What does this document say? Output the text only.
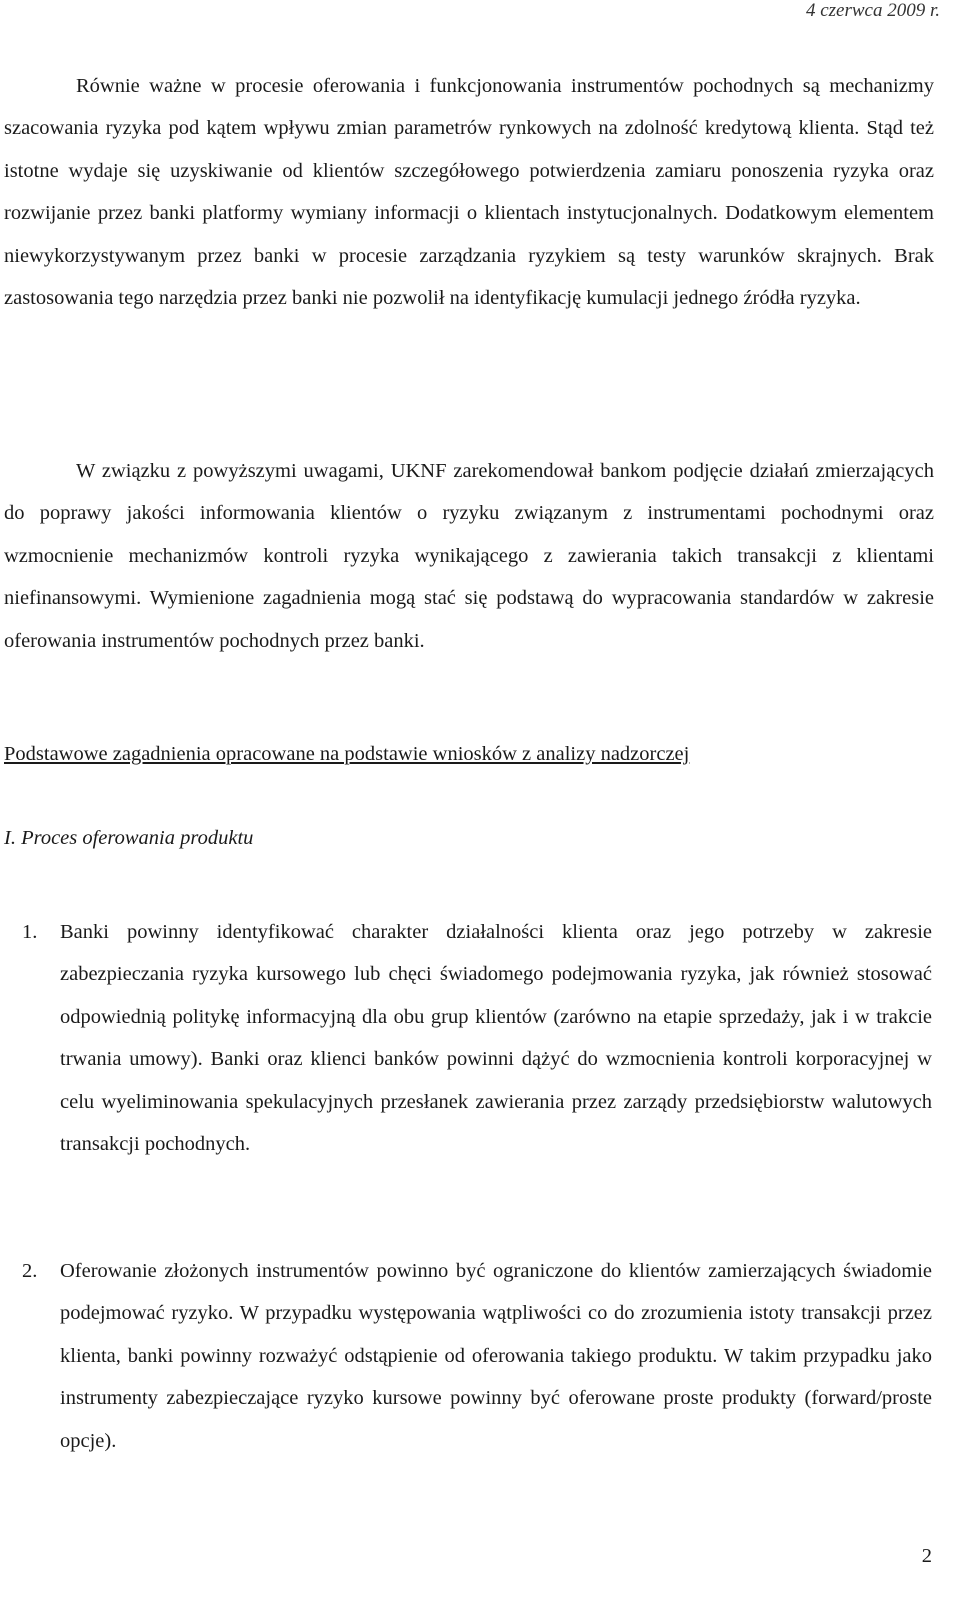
4 czerwca 2009 r.

Równie ważne w procesie oferowania i funkcjonowania instrumentów pochodnych są mechanizmy szacowania ryzyka pod kątem wpływu zmian parametrów rynkowych na zdolność kredytową klienta. Stąd też istotne wydaje się uzyskiwanie od klientów szczegółowego potwierdzenia zamiaru ponoszenia ryzyka oraz rozwijanie przez banki platformy wymiany informacji o klientach instytucjonalnych. Dodatkowym elementem niewykorzystywanym przez banki w procesie zarządzania ryzykiem są testy warunków skrajnych. Brak zastosowania tego narzędzia przez banki nie pozwolił na identyfikację kumulacji jednego źródła ryzyka.

W związku z powyższymi uwagami, UKNF zarekomendował bankom podjęcie działań zmierzających do poprawy jakości informowania klientów o ryzyku związanym z instrumentami pochodnymi oraz wzmocnienie mechanizmów kontroli ryzyka wynikającego z zawierania takich transakcji z klientami niefinansowymi. Wymienione zagadnienia mogą stać się podstawą do wypracowania standardów w zakresie oferowania instrumentów pochodnych przez banki.

Podstawowe zagadnienia opracowane na podstawie wniosków z analizy nadzorczej

I. Proces oferowania produktu

1. Banki powinny identyfikować charakter działalności klienta oraz jego potrzeby w zakresie zabezpieczania ryzyka kursowego lub chęci świadomego podejmowania ryzyka, jak również stosować odpowiednią politykę informacyjną dla obu grup klientów (zarówno na etapie sprzedaży, jak i w trakcie trwania umowy). Banki oraz klienci banków powinni dążyć do wzmocnienia kontroli korporacyjnej w celu wyeliminowania spekulacyjnych przesłanek zawierania przez zarządy przedsiębiorstw walutowych transakcji pochodnych.

2. Oferowanie złożonych instrumentów powinno być ograniczone do klientów zamierzających świadomie podejmować ryzyko. W przypadku występowania wątpliwości co do zrozumienia istoty transakcji przez klienta, banki powinny rozważyć odstąpienie od oferowania takiego produktu. W takim przypadku jako instrumenty zabezpieczające ryzyko kursowe powinny być oferowane proste produkty (forward/proste opcje).

2
